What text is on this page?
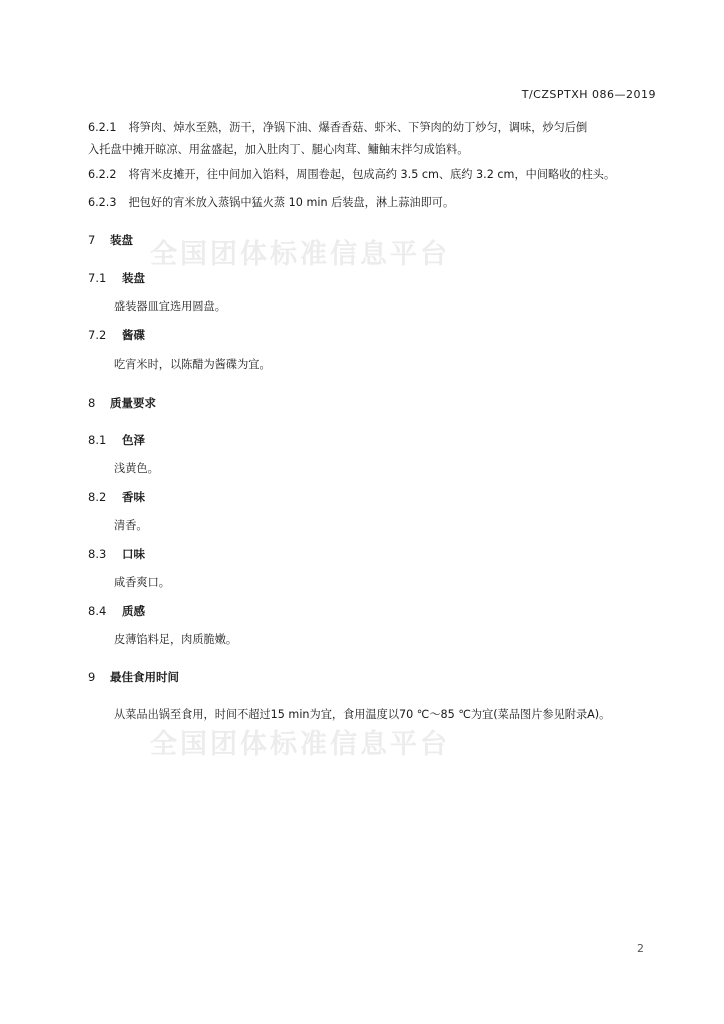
全国团体标准信息平台
全国团体标准信息平台
T/CZSPTXH 086—2019
6.2.1 将笋肉、焯水至熟，沥干，净锅下油、爆香香菇、虾米、下笋肉的幼丁炒匀，调味，炒匀后倒
入托盘中摊开晾凉、用盆盛起，加入肚肉丁、腿心肉茸、鳙鲉末拌匀成馅料。
6.2.2 将宵米皮摊开，往中间加入馅料，周围卷起，包成高约 3.5 cm、底约 3.2 cm，中间略收的柱头。
6.2.3 把包好的宵米放入蒸锅中猛火蒸 10 min 后装盘，淋上蒜油即可。
7 装盘
7.1 装盘
盛装器皿宜选用圆盘。
7.2 酱碟
吃宵米时，以陈醋为酱碟为宜。
8 质量要求
8.1 色泽
浅黄色。
8.2 香味
清香。
8.3 口味
咸香爽口。
8.4 质感
皮薄馅料足，肉质脆嫩。
9 最佳食用时间
从菜品出锅至食用，时间不超过15 min为宜，食用温度以70 ℃～85 ℃为宜(菜品图片参见附录A)。
2
